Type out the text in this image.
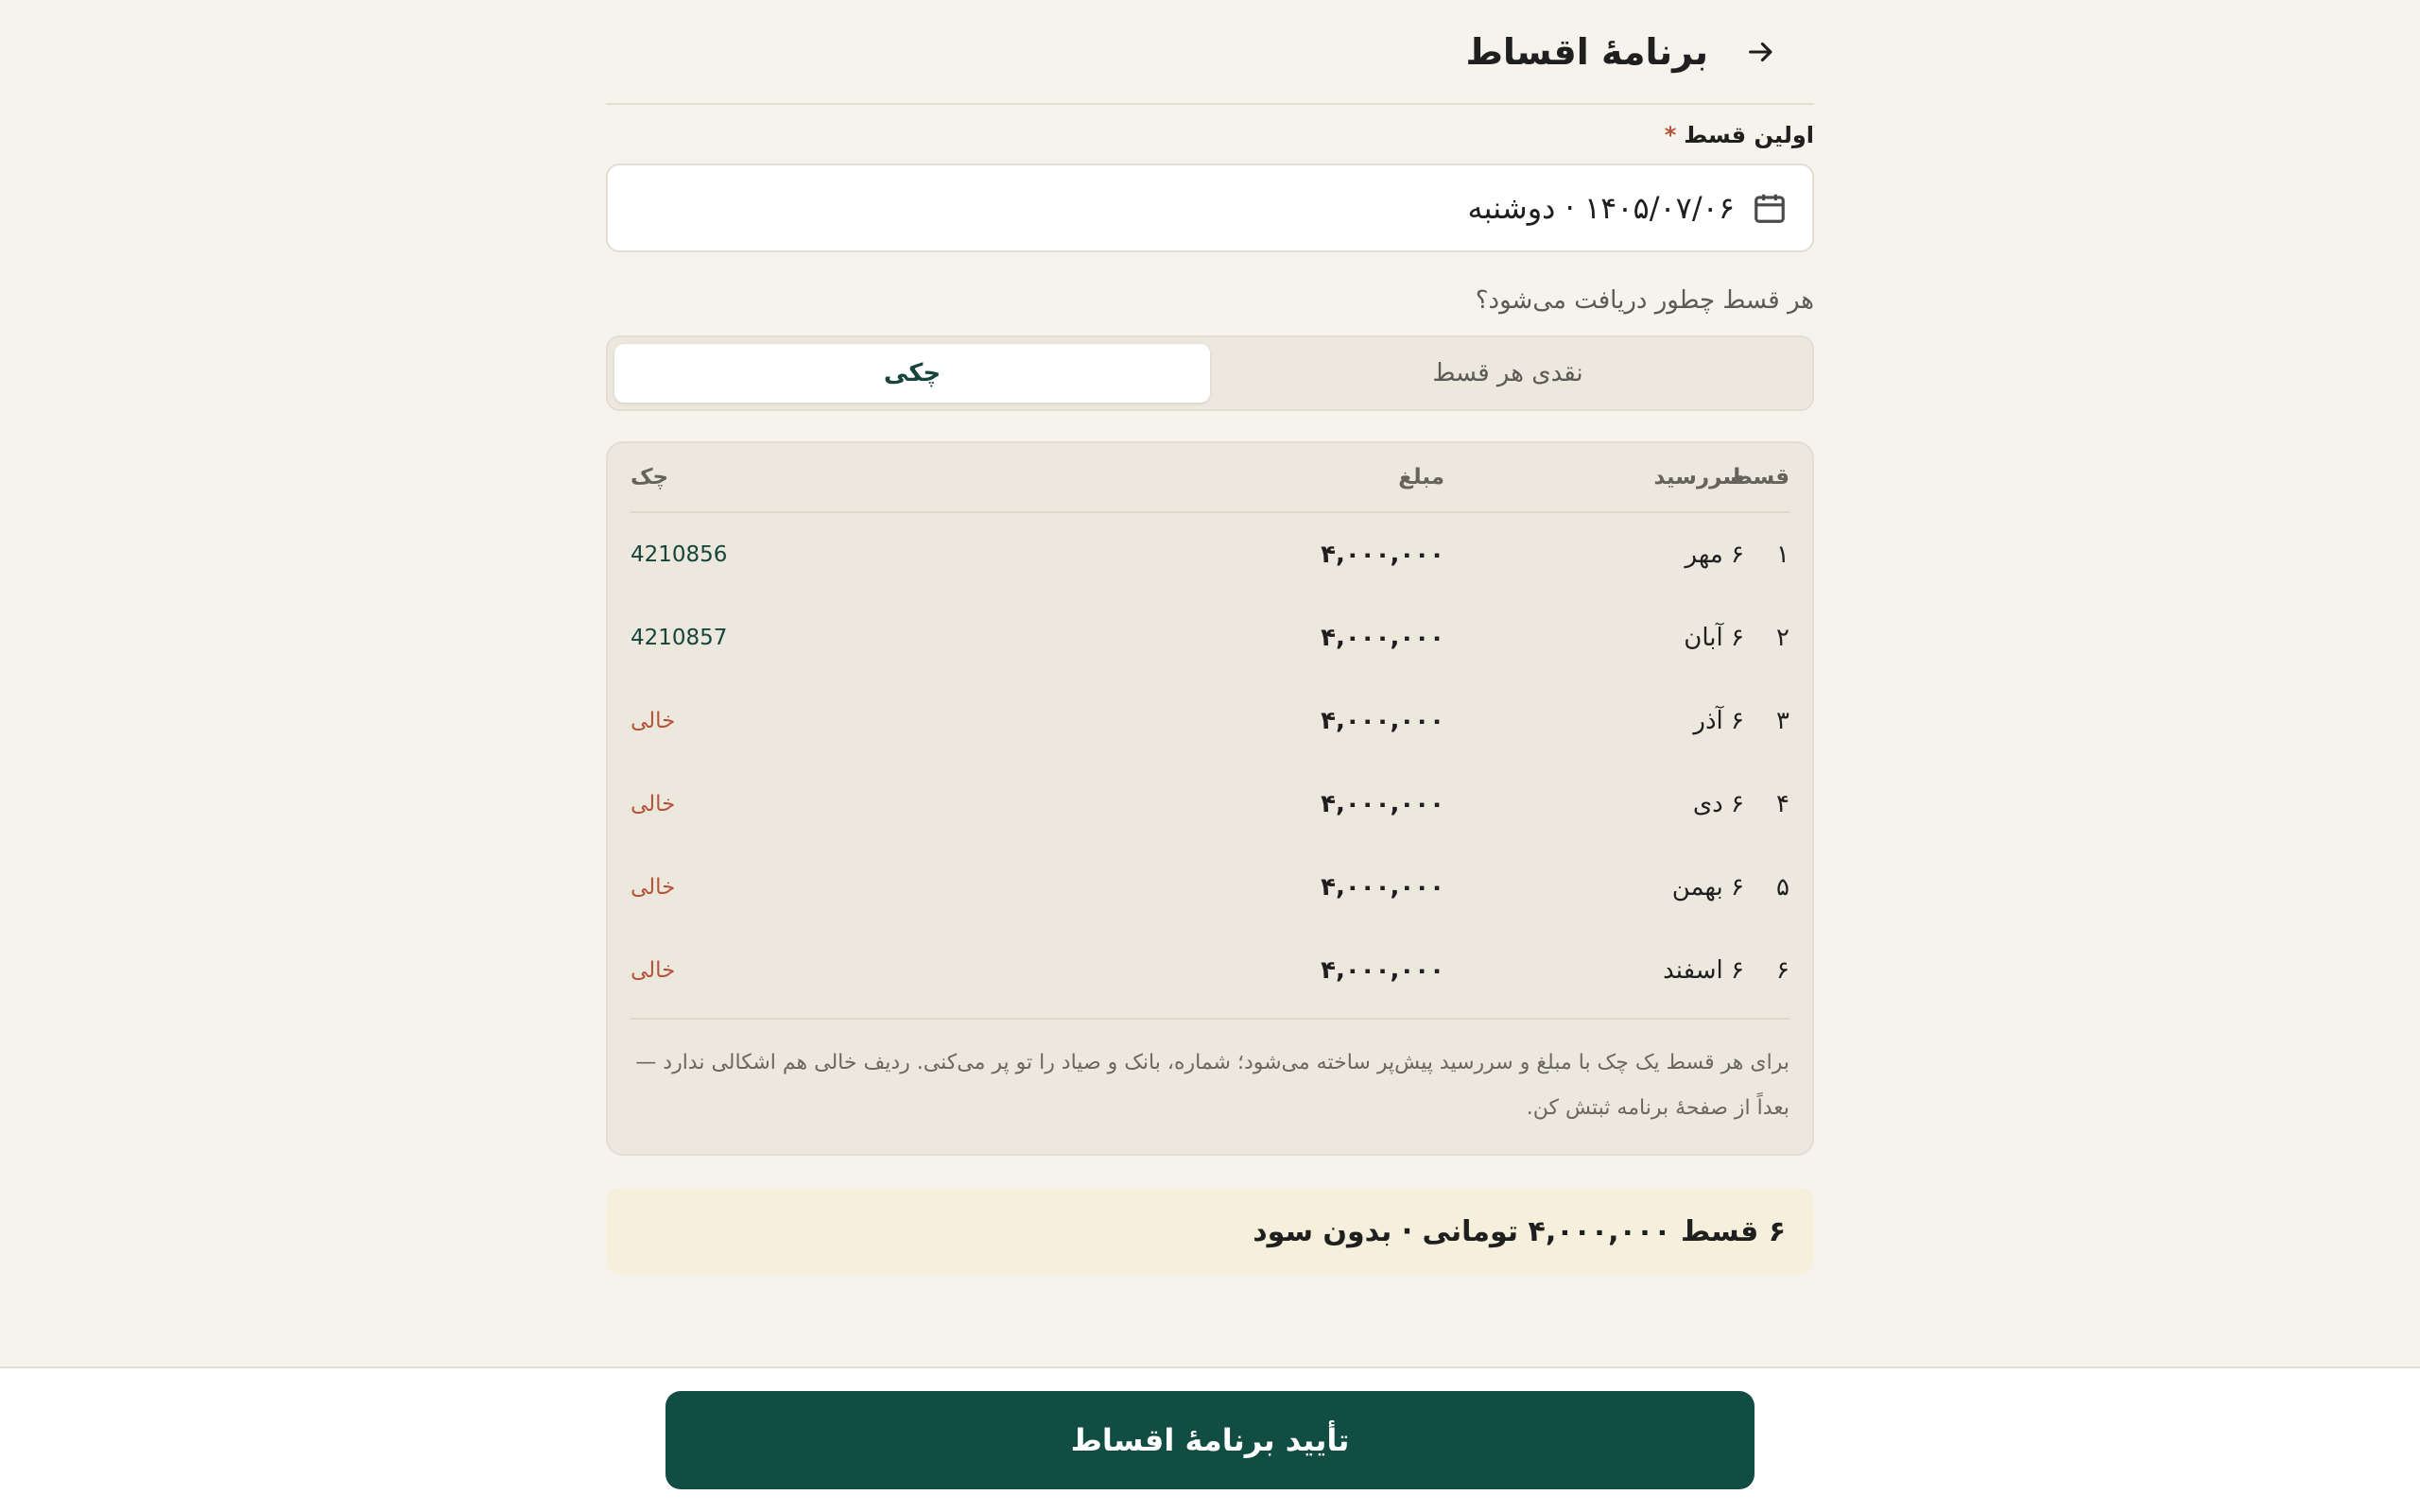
برنامهٔ اقساط
اولین قسط
*
۱۴۰۵/۰۷/۰۶ · دوشنبه
هر قسط چطور دریافت می‌شود؟
نقدی هر قسط
چکی
قسط
سررسید
مبلغ
چک
۱
۶ مهر
۴,۰۰۰,۰۰۰
4210856
۲
۶ آبان
۴,۰۰۰,۰۰۰
4210857
۳
۶ آذر
۴,۰۰۰,۰۰۰
خالی
۴
۶ دی
۴,۰۰۰,۰۰۰
خالی
۵
۶ بهمن
۴,۰۰۰,۰۰۰
خالی
۶
۶ اسفند
۴,۰۰۰,۰۰۰
خالی
برای هر قسط یک چک با مبلغ و سررسید پیش‌پر ساخته می‌شود؛ شماره، بانک و صیاد را تو پر می‌کنی. ردیف خالی هم اشکالی ندارد — بعداً از صفحهٔ برنامه ثبتش کن.
۶ قسط ۴,۰۰۰,۰۰۰ تومانی · بدون سود
تأیید برنامهٔ اقساط
